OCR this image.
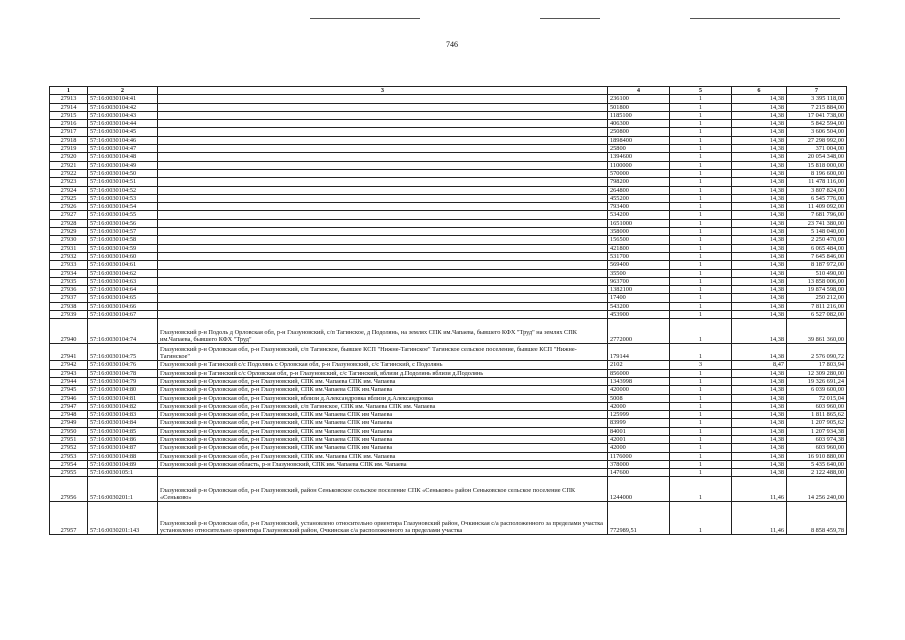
746
1	2	3	4	5	6	7
27913	57:16:0030104:41		236100	1	14,38	3 395 118,00
27914	57:16:0030104:42		501800	1	14,38	7 215 884,00
27915	57:16:0030104:43		1185100	1	14,38	17 041 738,00
27916	57:16:0030104:44		406300	1	14,38	5 842 594,00
27917	57:16:0030104:45		250800	1	14,38	3 606 504,00
27918	57:16:0030104:46		1898400	1	14,38	27 298 992,00
27919	57:16:0030104:47		25800	1	14,38	371 004,00
27920	57:16:0030104:48		1394600	1	14,38	20 054 348,00
27921	57:16:0030104:49		1100000	1	14,38	15 818 000,00
27922	57:16:0030104:50		570000	1	14,38	8 196 600,00
27923	57:16:0030104:51		798200	1	14,38	11 478 116,00
27924	57:16:0030104:52		264800	1	14,38	3 807 824,00
27925	57:16:0030104:53		455200	1	14,38	6 545 776,00
27926	57:16:0030104:54		793400	1	14,38	11 409 092,00
27927	57:16:0030104:55		534200	1	14,38	7 681 796,00
27928	57:16:0030104:56		1651000	1	14,38	23 741 380,00
27929	57:16:0030104:57		358000	1	14,38	5 148 040,00
27930	57:16:0030104:58		156500	1	14,38	2 250 470,00
27931	57:16:0030104:59		421800	1	14,38	6 065 484,00
27932	57:16:0030104:60		531700	1	14,38	7 645 846,00
27933	57:16:0030104:61		569400	1	14,38	8 187 972,00
27934	57:16:0030104:62		35500	1	14,38	510 490,00
27935	57:16:0030104:63		963700	1	14,38	13 858 006,00
27936	57:16:0030104:64		1382100	1	14,38	19 874 598,00
27937	57:16:0030104:65		17400	1	14,38	250 212,00
27938	57:16:0030104:66		543200	1	14,38	7 811 216,00
27939	57:16:0030104:67		453900	1	14,38	6 527 082,00
27940	57:16:0030104:74	Глазуновский р-н Подоль д Орловская обл, р-н Глазуновский, с/п Тагинское, д Подолянь, на землях СПК им.Чапаева, бывшего КФХ "Труд" на землях СПК им.Чапаева, бывшего КФХ "Труд"	2772000	1	14,38	39 861 360,00
27941	57:16:0030104:75	Глазуновский р-н Орловская обл, р-н Глазуновский, с/п Тагинское, бывшее КСП "Нижне-Тагинское" Тагинское сельское поселение, бывшее КСП "Нижне-Тагинское"	179144	1	14,38	2 576 090,72
27942	57:16:0030104:76	Глазуновский р-н Тагинский с/с Подолянь с Орловская обл, р-н Глазуновский, с/с Тагинский, с Подолянь	2102	3	8,47	17 803,94
27943	57:16:0030104:78	Глазуновский р-н Тагинский с/с Орловская обл, р-н Глазуновский, с/с Тагинский, вблизи д.Подолянь вблизи д.Подолянь	856000	1	14,38	12 309 280,00
27944	57:16:0030104:79	Глазуновский р-н Орловская обл, р-н Глазуновский, СПК им. Чапаева СПК им. Чапаева	1343998	1	14,38	19 326 691,24
27945	57:16:0030104:80	Глазуновский р-н Орловская обл, р-н Глазуновский, СПК им.Чапаева СПК им.Чапаева	420000	1	14,38	6 039 600,00
27946	57:16:0030104:81	Глазуновский р-н Орловская обл, р-н Глазуновский, вблизи д.Александровка вблизи д.Александровка	5008	1	14,38	72 015,04
27947	57:16:0030104:82	Глазуновский р-н Орловская обл, р-н Глазуновский, с/п Тагинское, СПК им. Чапаева СПК им. Чапаева	42000	1	14,38	603 960,00
27948	57:16:0030104:83	Глазуновский р-н Орловская обл, р-н Глазуновский, СПК им Чапаева СПК им Чапаева	125999	1	14,38	1 811 865,62
27949	57:16:0030104:84	Глазуновский р-н Орловская обл, р-н Глазуновский, СПК им Чапаева СПК им Чапаева	83999	1	14,38	1 207 905,62
27950	57:16:0030104:85	Глазуновский р-н Орловская обл, р-н Глазуновский, СПК им Чапаева СПК им Чапаева	84001	1	14,38	1 207 934,38
27951	57:16:0030104:86	Глазуновский р-н Орловская обл, р-н Глазуновский, СПК им Чапаева СПК им Чапаева	42001	1	14,38	603 974,38
27952	57:16:0030104:87	Глазуновский р-н Орловская обл, р-н Глазуновский, СПК им Чапаева СПК им Чапаева	42000	1	14,38	603 960,00
27953	57:16:0030104:88	Глазуновский р-н Орловская обл, р-н Глазуновский, СПК им. Чапаева СПК им. Чапаева	1176000	1	14,38	16 910 880,00
27954	57:16:0030104:89	Глазуновский р-н Орловская область, р-н Глазуновский, СПК им. Чапаева СПК им. Чапаева	378000	1	14,38	5 435 640,00
27955	57:16:0030105:1		147600	1	14,38	2 122 488,00
27956	57:16:0030201:1	Глазуновский р-н Орловская обл, р-н Глазуновский, район Сеньковское сельское поселение СПК «Сеньково» район Сеньковское сельское поселение СПК «Сеньково»	1244000	1	11,46	14 256 240,00
27957	57:16:0030201:143	Глазуновский р-н Орловская обл, р-н Глазуновский, установлено относительно ориентира Глазуновский район, Очкинская с/а расположенного за пределами участка установлено относительно ориентира Глазуновский район, Очкинская с/а расположенного за пределами участка	772989,51	1	11,46	8 858 459,78
